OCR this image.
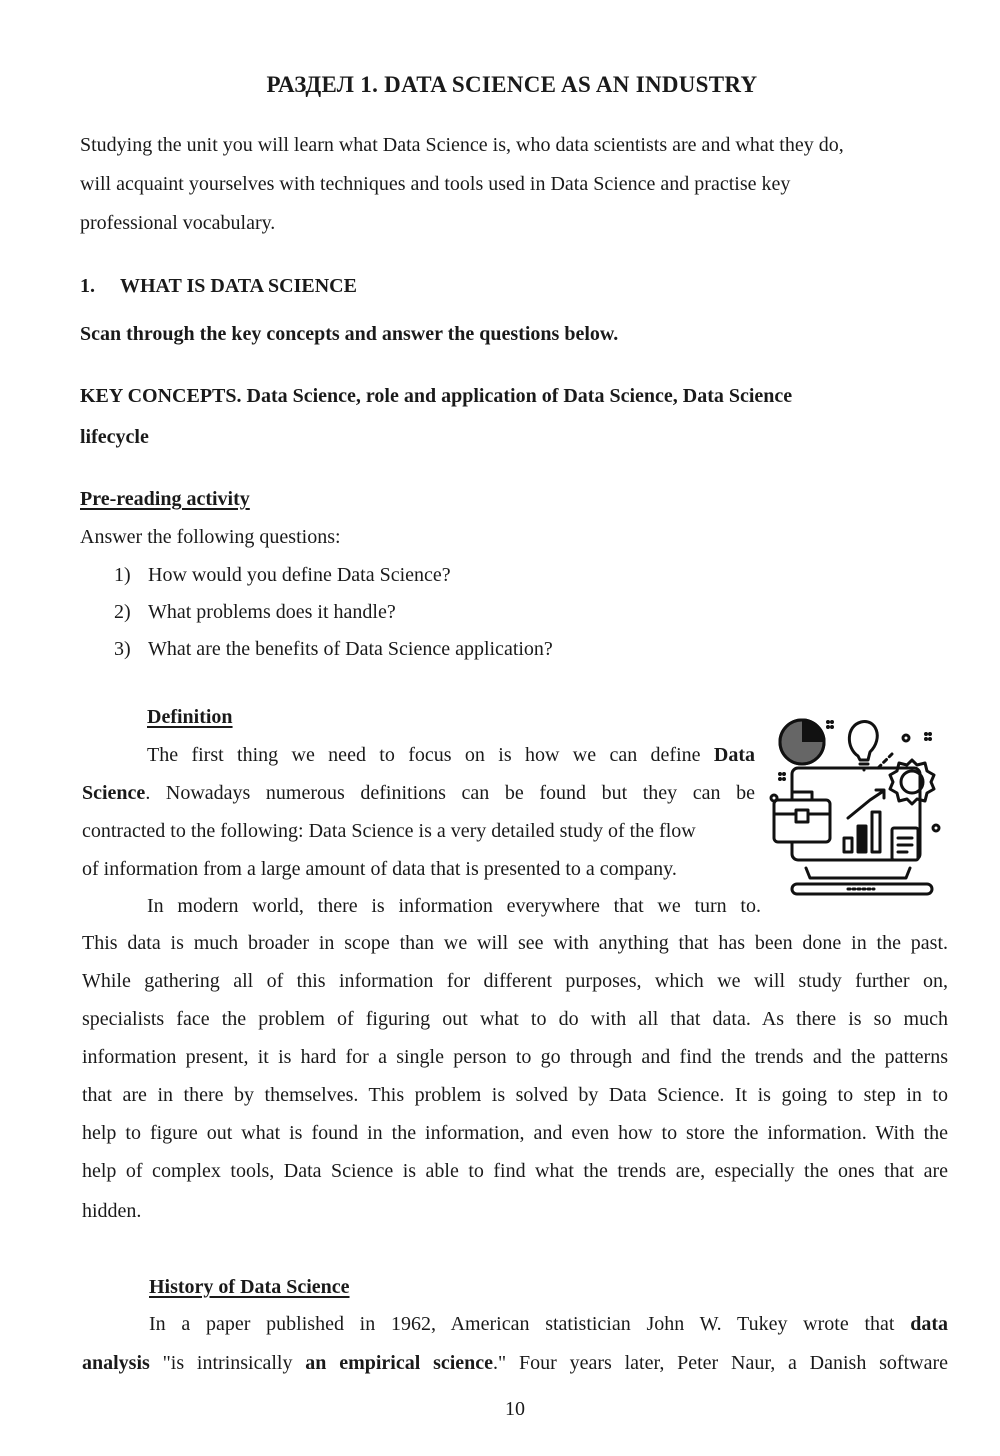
РАЗДЕЛ 1. DATA SCIENCE AS AN INDUSTRY
Studying the unit you will learn what Data Science is, who data scientists are and what they do,
will acquaint yourselves with techniques and tools used in Data Science and practise key
professional vocabulary.
1. WHAT IS DATA SCIENCE
Scan through the key concepts and answer the questions below.
KEY CONCEPTS. Data Science, role and application of Data Science, Data Science
lifecycle
Pre-reading activity
Answer the following questions:
1) How would you define Data Science?
2) What problems does it handle?
3) What are the benefits of Data Science application?
Definition
The first thing we need to focus on is how we can define Data
Science. Nowadays numerous definitions can be found but they can be
contracted to the following: Data Science is a very detailed study of the flow
of information from a large amount of data that is presented to a company.
In modern world, there is information everywhere that we turn to.
This data is much broader in scope than we will see with anything that has been done in the past.
While gathering all of this information for different purposes, which we will study further on,
specialists face the problem of figuring out what to do with all that data. As there is so much
information present, it is hard for a single person to go through and find the trends and the patterns
that are in there by themselves. This problem is solved by Data Science. It is going to step in to
help to figure out what is found in the information, and even how to store the information. With the
help of complex tools, Data Science is able to find what the trends are, especially the ones that are
hidden.
History of Data Science
In a paper published in 1962, American statistician John W. Tukey wrote that data
analysis "is intrinsically an empirical science." Four years later, Peter Naur, a Danish software
10
